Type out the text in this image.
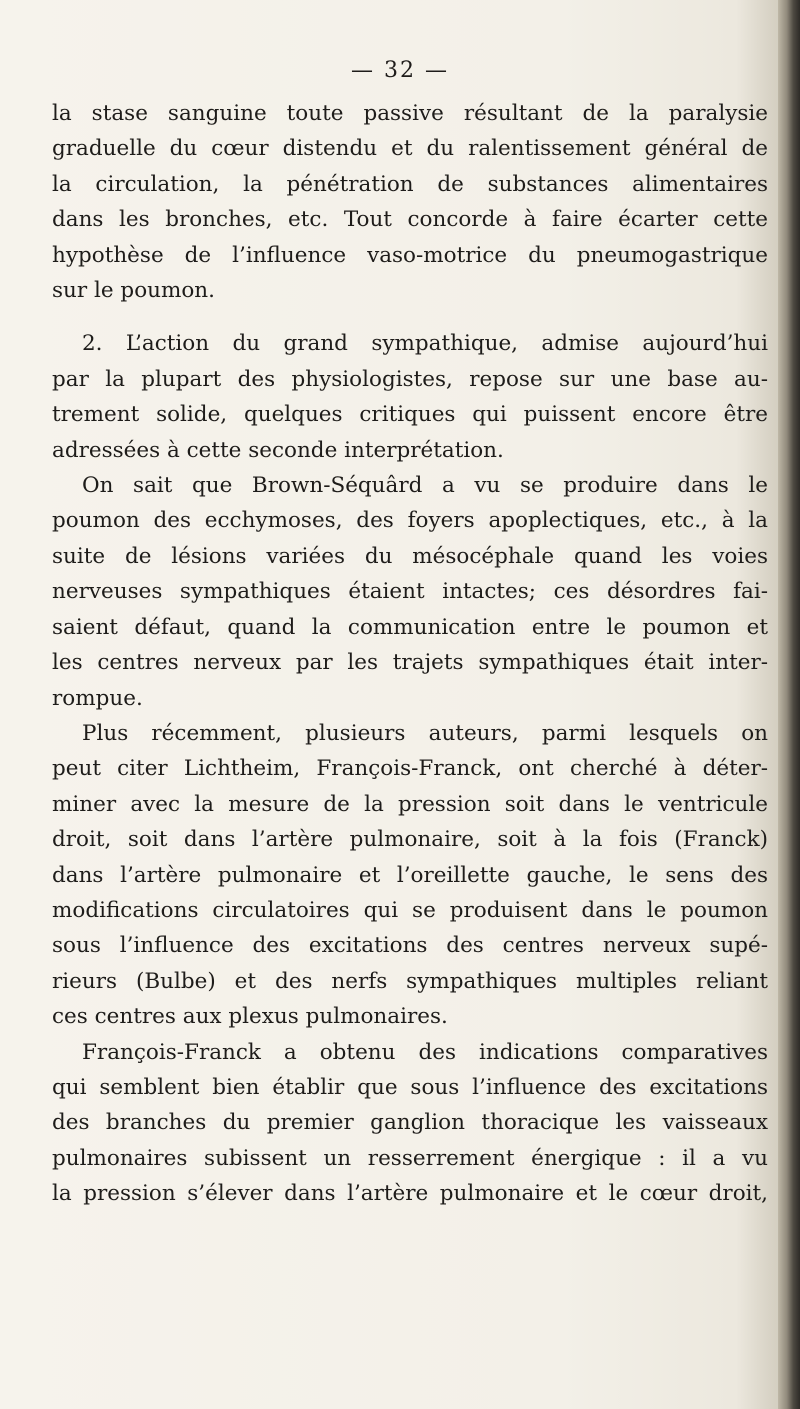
— 32 —
la stase sanguine toute passive résultant de la paralysie
graduelle du cœur distendu et du ralentissement général de
la circulation, la pénétration de substances alimentaires
dans les bronches, etc. Tout concorde à faire écarter cette
hypothèse de l’influence vaso-motrice du pneumogastrique
sur le poumon.
2. L’action du grand sympathique, admise aujourd’hui
par la plupart des physiologistes, repose sur une base au-
trement solide, quelques critiques qui puissent encore être
adressées à cette seconde interprétation.
On sait que Brown-Séquârd a vu se produire dans le
poumon des ecchymoses, des foyers apoplectiques, etc., à la
suite de lésions variées du mésocéphale quand les voies
nerveuses sympathiques étaient intactes; ces désordres fai-
saient défaut, quand la communication entre le poumon et
les centres nerveux par les trajets sympathiques était inter-
rompue.
Plus récemment, plusieurs auteurs, parmi lesquels on
peut citer Lichtheim, François-Franck, ont cherché à déter-
miner avec la mesure de la pression soit dans le ventricule
droit, soit dans l’artère pulmonaire, soit à la fois (Franck)
dans l’artère pulmonaire et l’oreillette gauche, le sens des
modifications circulatoires qui se produisent dans le poumon
sous l’influence des excitations des centres nerveux supé-
rieurs (Bulbe) et des nerfs sympathiques multiples reliant
ces centres aux plexus pulmonaires.
François-Franck a obtenu des indications comparatives
qui semblent bien établir que sous l’influence des excitations
des branches du premier ganglion thoracique les vaisseaux
pulmonaires subissent un resserrement énergique : il a vu
la pression s’élever dans l’artère pulmonaire et le cœur droit,
